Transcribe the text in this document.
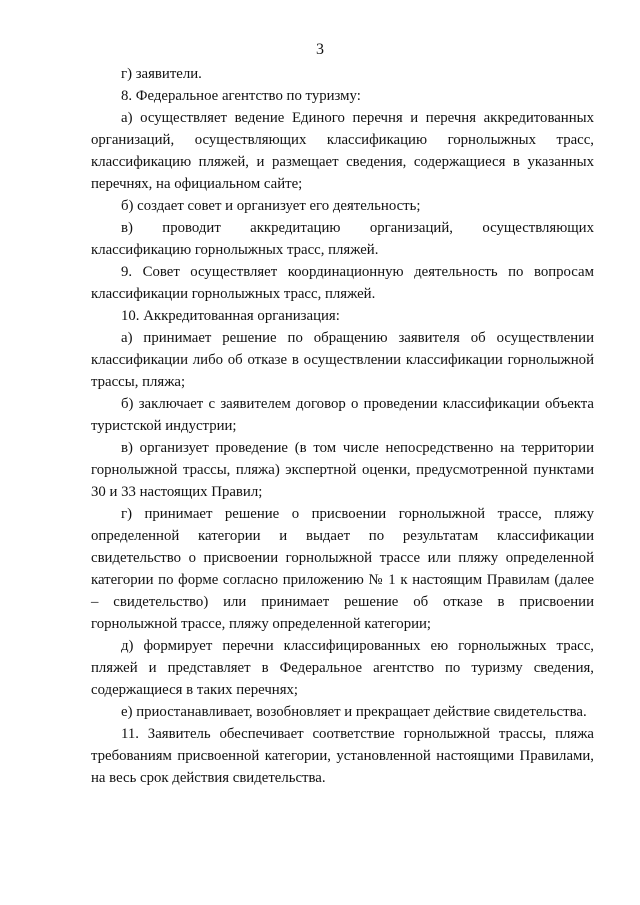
3

г) заявители.

8. Федеральное агентство по туризму:

а) осуществляет ведение Единого перечня и перечня аккредитованных организаций, осуществляющих классификацию горнолыжных трасс, классификацию пляжей, и размещает сведения, содержащиеся в указанных перечнях, на официальном сайте;

б) создает совет и организует его деятельность;

в) проводит аккредитацию организаций, осуществляющих классификацию горнолыжных трасс, пляжей.

9. Совет осуществляет координационную деятельность по вопросам классификации горнолыжных трасс, пляжей.

10. Аккредитованная организация:

а) принимает решение по обращению заявителя об осуществлении классификации либо об отказе в осуществлении классификации горнолыжной трассы, пляжа;

б) заключает с заявителем договор о проведении классификации объекта туристской индустрии;

в) организует проведение (в том числе непосредственно на территории горнолыжной трассы, пляжа) экспертной оценки, предусмотренной пунктами 30 и 33 настоящих Правил;

г) принимает решение о присвоении горнолыжной трассе, пляжу определенной категории и выдает по результатам классификации свидетельство о присвоении горнолыжной трассе или пляжу определенной категории по форме согласно приложению № 1 к настоящим Правилам (далее – свидетельство) или принимает решение об отказе в присвоении горнолыжной трассе, пляжу определенной категории;

д) формирует перечни классифицированных ею горнолыжных трасс, пляжей и представляет в Федеральное агентство по туризму сведения, содержащиеся в таких перечнях;

е) приостанавливает, возобновляет и прекращает действие свидетельства.

11. Заявитель обеспечивает соответствие горнолыжной трассы, пляжа требованиям присвоенной категории, установленной настоящими Правилами, на весь срок действия свидетельства.
